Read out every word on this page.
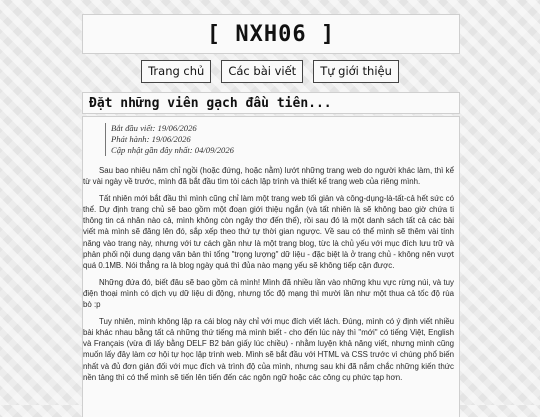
[ NXH06 ]
Trang chủ	Các bài viết	Tự giới thiệu
Đặt những viên gạch đầu tiên...
Bắt đầu viết: 19/06/2026
Phát hành: 19/06/2026
Cập nhật gần đây nhất: 04/09/2026

Sau bao nhiêu năm chỉ ngồi (hoặc đứng, hoặc nằm) lướt những trang web do người khác làm, thì kể từ vài ngày về trước, mình đã bắt đầu tìm tòi cách lập trình và thiết kế trang web của riêng mình.

Tất nhiên mới bắt đầu thì mình cũng chỉ làm một trang web tối giản và công-dụng-là-tất-cả hết sức có thể. Dự định trang chủ sẽ bao gồm một đoạn giới thiệu ngắn (và tất nhiên là sẽ không bao giờ chứa ti thông tin cá nhân nào cả, mình không còn ngây thơ đến thế), rồi sau đó là một danh sách tất cả các bài viết mà mình sẽ đăng lên đó, sắp xếp theo thứ tự thời gian ngược. Về sau có thể mình sẽ thêm vài tính năng vào trang này, nhưng với tư cách gần như là một trang blog, từc là chủ yếu với mục đích lưu trữ và phản phối nội dung dạng văn bản thì tổng "trọng lượng" dữ liệu - đặc biệt là ở trang chủ - không nên vượt quá 0.1MB. Nói thẳng ra là blog ngày quá thì đủa nào mạng yếu sẽ không tiếp cận được.

Những đứa đó, biết đâu sẽ bao gồm cả mình! Mình đã nhiều lần vào những khu vực rừng núi, và tuy điện thoại mình có dịch vụ dữ liệu di động, nhưng tốc độ mạng thì mười lần như một thua cả tốc độ rùa bò :p

Tuy nhiên, mình không lập ra cái blog này chỉ với mục đích viết lách. Đúng, mình có ý định viết nhiều bài khác nhau bằng tất cả những thứ tiếng mà mình biết - cho đến lúc này thì "mới" có tiếng Việt, English và Français (vừa đi lấy bằng DELF B2 bản giấy lúc chiều) - nhằm luyện khả năng viết, nhưng mình cũng muốn lấy đây làm cơ hội tự học lập trình web. Mình sẽ bắt đầu với HTML và CSS trước vì chúng phổ biến nhất và đủ đơn giản đối với mục đích và trình độ của mình, nhưng sau khi đã nắm chắc những kiến thức nền tảng thì có thể mình sẽ tiến lên tiến đến các ngôn ngữ hoặc các công cụ phức tạp hơn.
